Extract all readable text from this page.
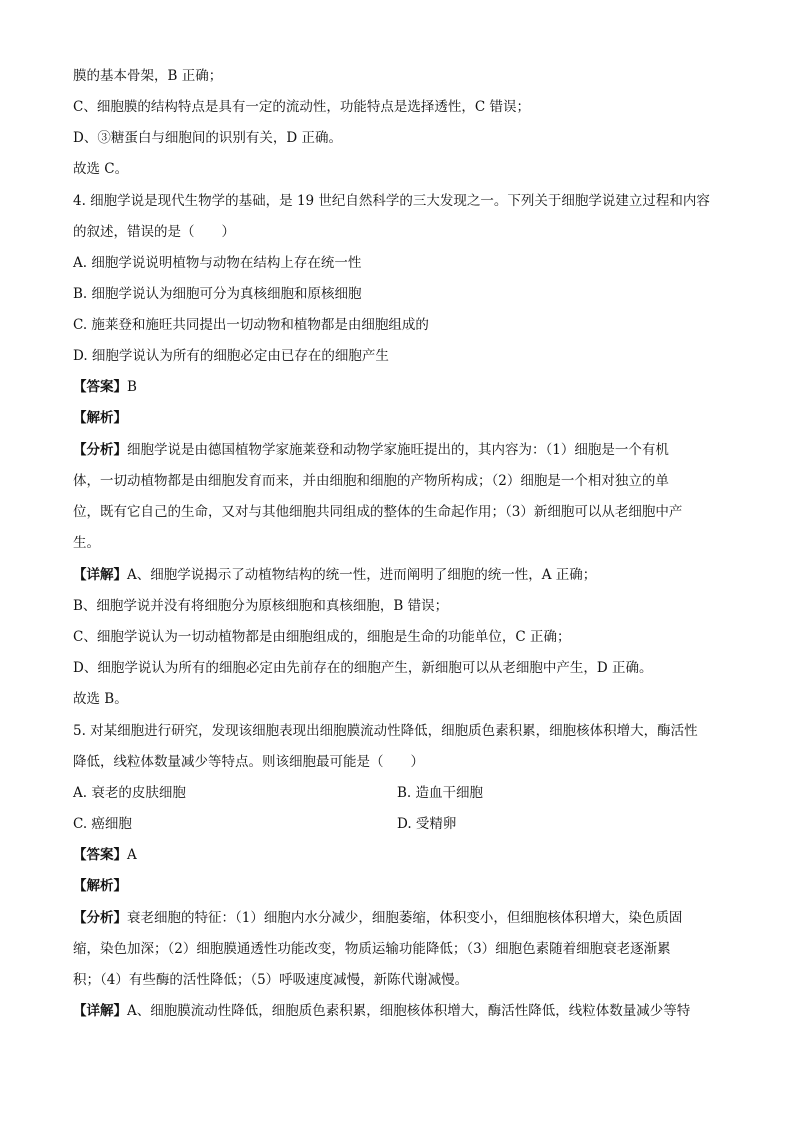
膜的基本骨架，B 正确；
C、细胞膜的结构特点是具有一定的流动性，功能特点是选择透性，C 错误；
D、③糖蛋白与细胞间的识别有关，D 正确。
故选 C。
4. 细胞学说是现代生物学的基础，是 19 世纪自然科学的三大发现之一。下列关于细胞学说建立过程和内容
的叙述，错误的是（　　）
A. 细胞学说说明植物与动物在结构上存在统一性
B. 细胞学说认为细胞可分为真核细胞和原核细胞
C. 施莱登和施旺共同提出一切动物和植物都是由细胞组成的
D. 细胞学说认为所有的细胞必定由已存在的细胞产生
【答案】B
【解析】
【分析】细胞学说是由德国植物学家施莱登和动物学家施旺提出的，其内容为：（1）细胞是一个有机
体，一切动植物都是由细胞发育而来，并由细胞和细胞的产物所构成；（2）细胞是一个相对独立的单
位，既有它自己的生命，又对与其他细胞共同组成的整体的生命起作用；（3）新细胞可以从老细胞中产
生。
【详解】A、细胞学说揭示了动植物结构的统一性，进而阐明了细胞的统一性，A 正确；
B、细胞学说并没有将细胞分为原核细胞和真核细胞，B 错误；
C、细胞学说认为一切动植物都是由细胞组成的，细胞是生命的功能单位，C 正确；
D、细胞学说认为所有的细胞必定由先前存在的细胞产生，新细胞可以从老细胞中产生，D 正确。
故选 B。
5. 对某细胞进行研究，发现该细胞表现出细胞膜流动性降低，细胞质色素积累，细胞核体积增大，酶活性
降低，线粒体数量减少等特点。则该细胞最可能是（　　）
A. 衰老的皮肤细胞	B. 造血干细胞
C. 癌细胞	D. 受精卵
【答案】A
【解析】
【分析】衰老细胞的特征：（1）细胞内水分减少，细胞萎缩，体积变小，但细胞核体积增大，染色质固
缩，染色加深；（2）细胞膜通透性功能改变，物质运输功能降低；（3）细胞色素随着细胞衰老逐渐累
积；（4）有些酶的活性降低；（5）呼吸速度减慢，新陈代谢减慢。
【详解】A、细胞膜流动性降低，细胞质色素积累，细胞核体积增大，酶活性降低，线粒体数量减少等特
